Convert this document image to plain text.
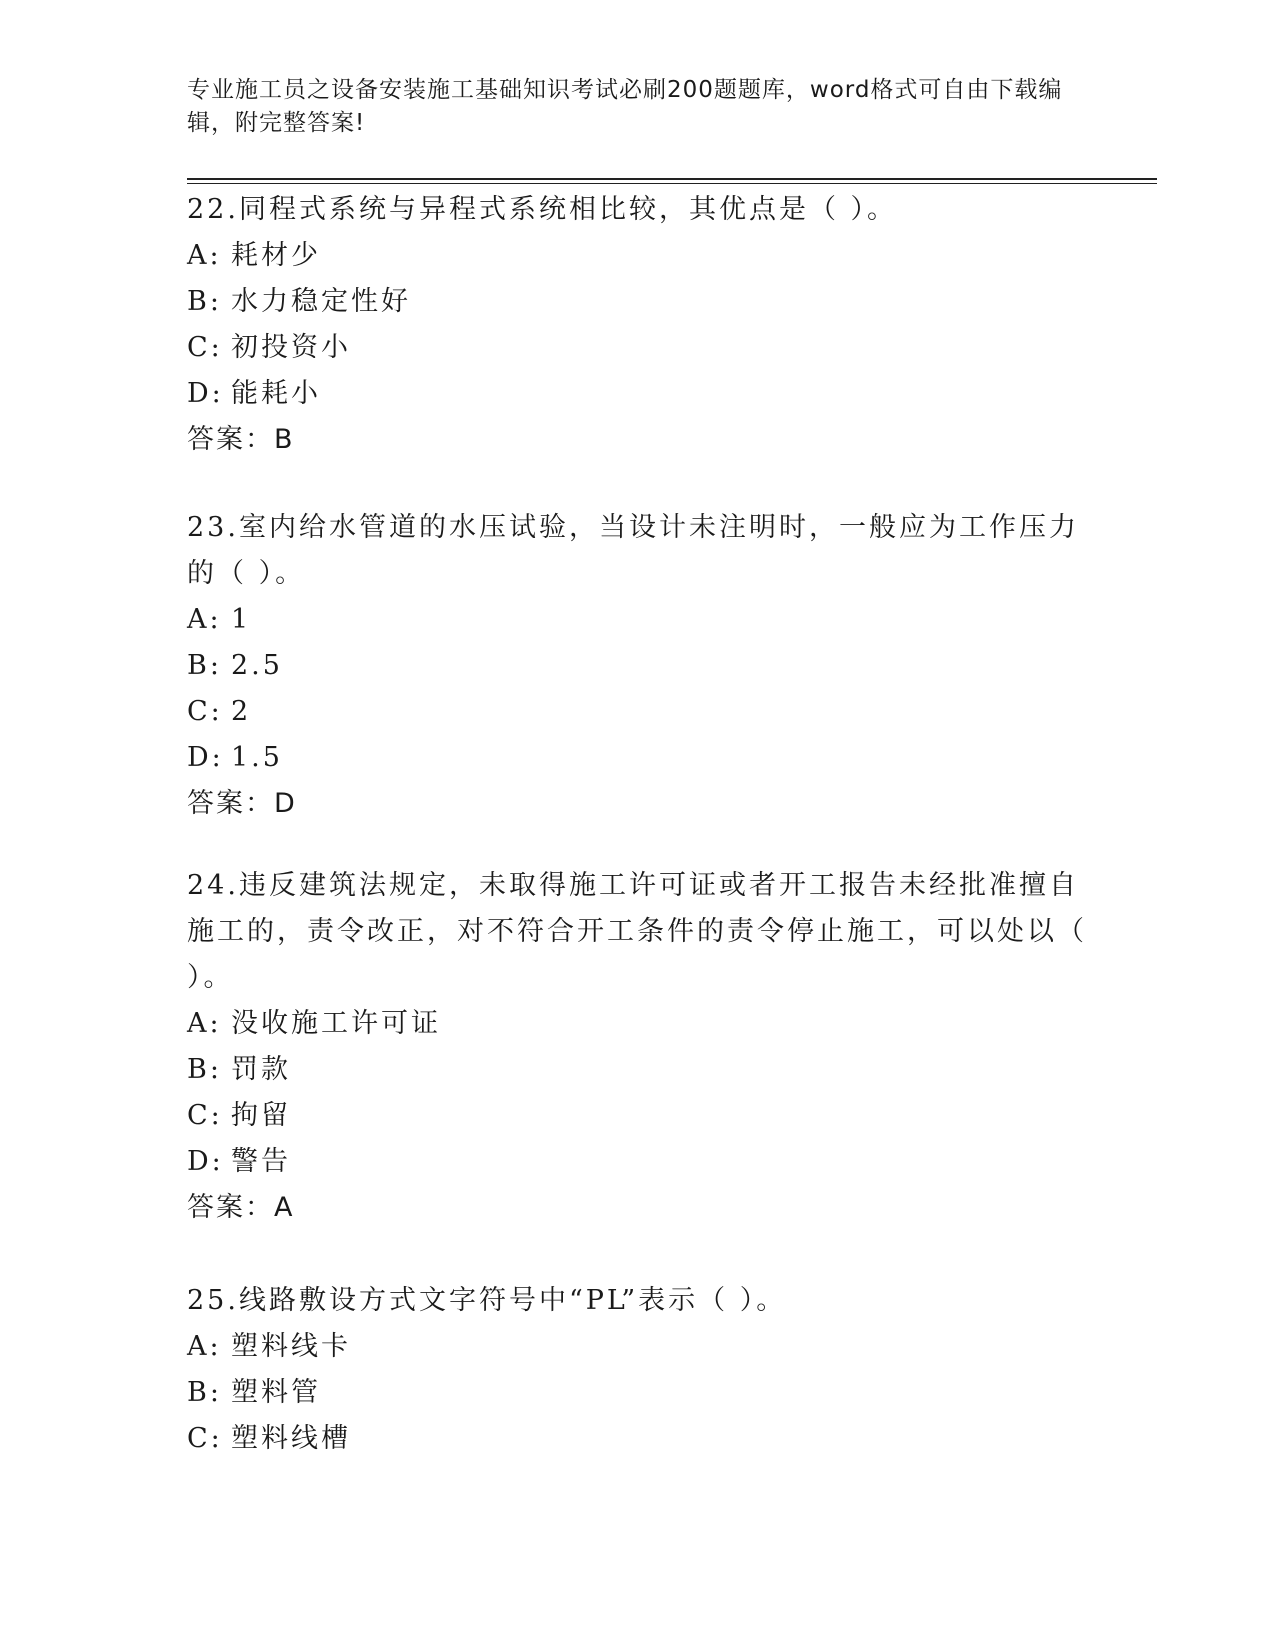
专业施工员之设备安装施工基础知识考试必刷200题题库，word格式可自由下载编辑，附完整答案!

22.同程式系统与异程式系统相比较，其优点是（ ）。

A: 耗材少

B: 水力稳定性好

C: 初投资小

D: 能耗小

答案：B

23.室内给水管道的水压试验，当设计未注明时，一般应为工作压力的（ ）。

A: 1

B: 2.5

C: 2

D: 1.5

答案：D

24.违反建筑法规定，未取得施工许可证或者开工报告未经批准擅自施工的，责令改正，对不符合开工条件的责令停止施工，可以处以（ ）。

A: 没收施工许可证

B: 罚款

C: 拘留

D: 警告

答案：A

25.线路敷设方式文字符号中“PL”表示（ ）。

A: 塑料线卡

B: 塑料管

C: 塑料线槽
